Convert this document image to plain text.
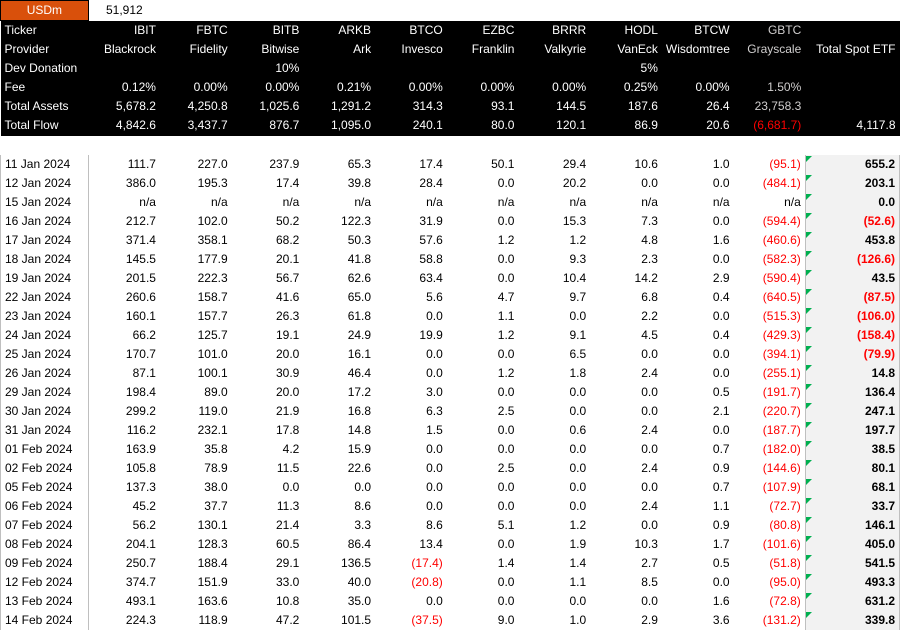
USDm	51,912										
Ticker	IBIT	FBTC	BITB	ARKB	BTCO	EZBC	BRRR	HODL	BTCW	GBTC	
Provider	Blackrock	Fidelity	Bitwise	Ark	Invesco	Franklin	Valkyrie	VanEck	Wisdomtree	Grayscale	Total Spot ETF
Dev Donation			10%					5%			
Fee	0.12%	0.00%	0.00%	0.21%	0.00%	0.00%	0.00%	0.25%	0.00%	1.50%	
Total Assets	5,678.2	4,250.8	1,025.6	1,291.2	314.3	93.1	144.5	187.6	26.4	23,758.3	
Total Flow	4,842.6	3,437.7	876.7	1,095.0	240.1	80.0	120.1	86.9	20.6	(6,681.7)	4,117.8

11 Jan 2024	111.7	227.0	237.9	65.3	17.4	50.1	29.4	10.6	1.0	(95.1)	655.2
12 Jan 2024	386.0	195.3	17.4	39.8	28.4	0.0	20.2	0.0	0.0	(484.1)	203.1
15 Jan 2024	n/a	n/a	n/a	n/a	n/a	n/a	n/a	n/a	n/a	n/a	0.0
16 Jan 2024	212.7	102.0	50.2	122.3	31.9	0.0	15.3	7.3	0.0	(594.4)	(52.6)
17 Jan 2024	371.4	358.1	68.2	50.3	57.6	1.2	1.2	4.8	1.6	(460.6)	453.8
18 Jan 2024	145.5	177.9	20.1	41.8	58.8	0.0	9.3	2.3	0.0	(582.3)	(126.6)
19 Jan 2024	201.5	222.3	56.7	62.6	63.4	0.0	10.4	14.2	2.9	(590.4)	43.5
22 Jan 2024	260.6	158.7	41.6	65.0	5.6	4.7	9.7	6.8	0.4	(640.5)	(87.5)
23 Jan 2024	160.1	157.7	26.3	61.8	0.0	1.1	0.0	2.2	0.0	(515.3)	(106.0)
24 Jan 2024	66.2	125.7	19.1	24.9	19.9	1.2	9.1	4.5	0.4	(429.3)	(158.4)
25 Jan 2024	170.7	101.0	20.0	16.1	0.0	0.0	6.5	0.0	0.0	(394.1)	(79.9)
26 Jan 2024	87.1	100.1	30.9	46.4	0.0	1.2	1.8	2.4	0.0	(255.1)	14.8
29 Jan 2024	198.4	89.0	20.0	17.2	3.0	0.0	0.0	0.0	0.5	(191.7)	136.4
30 Jan 2024	299.2	119.0	21.9	16.8	6.3	2.5	0.0	0.0	2.1	(220.7)	247.1
31 Jan 2024	116.2	232.1	17.8	14.8	1.5	0.0	0.6	2.4	0.0	(187.7)	197.7
01 Feb 2024	163.9	35.8	4.2	15.9	0.0	0.0	0.0	0.0	0.7	(182.0)	38.5
02 Feb 2024	105.8	78.9	11.5	22.6	0.0	2.5	0.0	2.4	0.9	(144.6)	80.1
05 Feb 2024	137.3	38.0	0.0	0.0	0.0	0.0	0.0	0.0	0.7	(107.9)	68.1
06 Feb 2024	45.2	37.7	11.3	8.6	0.0	0.0	0.0	2.4	1.1	(72.7)	33.7
07 Feb 2024	56.2	130.1	21.4	3.3	8.6	5.1	1.2	0.0	0.9	(80.8)	146.1
08 Feb 2024	204.1	128.3	60.5	86.4	13.4	0.0	1.9	10.3	1.7	(101.6)	405.0
09 Feb 2024	250.7	188.4	29.1	136.5	(17.4)	1.4	1.4	2.7	0.5	(51.8)	541.5
12 Feb 2024	374.7	151.9	33.0	40.0	(20.8)	0.0	1.1	8.5	0.0	(95.0)	493.3
13 Feb 2024	493.1	163.6	10.8	35.0	0.0	0.0	0.0	0.0	1.6	(72.8)	631.2
14 Feb 2024	224.3	118.9	47.2	101.5	(37.5)	9.0	1.0	2.9	3.6	(131.2)	339.8
